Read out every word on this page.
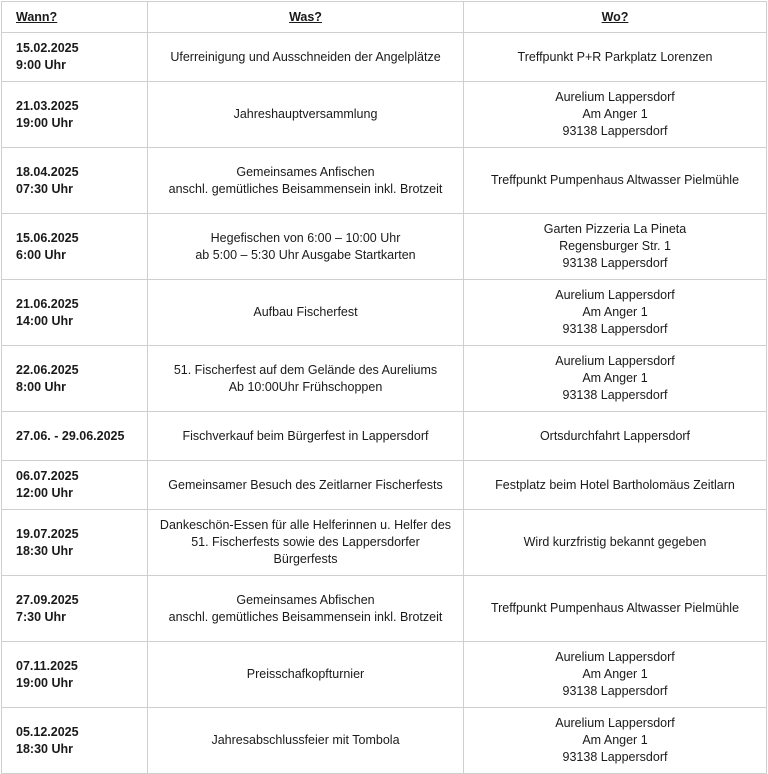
Wann?	Was?	Wo?

15.02.2025
9:00 Uhr	Uferreinigung und Ausschneiden der Angelplätze	Treffpunkt P+R Parkplatz Lorenzen

21.03.2025
19:00 Uhr	Jahreshauptversammlung	Aurelium Lappersdorf
Am Anger 1
93138 Lappersdorf

18.04.2025
07:30 Uhr	Gemeinsames Anfischen
anschl. gemütliches Beisammensein inkl. Brotzeit	Treffpunkt Pumpenhaus Altwasser Pielmühle

15.06.2025
6:00 Uhr	Hegefischen von 6:00 – 10:00 Uhr
ab 5:00 – 5:30 Uhr Ausgabe Startkarten	Garten Pizzeria La Pineta
Regensburger Str. 1
93138 Lappersdorf

21.06.2025
14:00 Uhr	Aufbau Fischerfest	Aurelium Lappersdorf
Am Anger 1
93138 Lappersdorf

22.06.2025
8:00 Uhr	51. Fischerfest auf dem Gelände des Aureliums
Ab 10:00Uhr Frühschoppen	Aurelium Lappersdorf
Am Anger 1
93138 Lappersdorf

27.06. - 29.06.2025	Fischverkauf beim Bürgerfest in Lappersdorf	Ortsdurchfahrt Lappersdorf

06.07.2025
12:00 Uhr	Gemeinsamer Besuch des Zeitlarner Fischerfests	Festplatz beim Hotel Bartholomäus Zeitlarn

19.07.2025
18:30 Uhr	Dankeschön-Essen für alle Helferinnen u. Helfer des
51. Fischerfests sowie des Lappersdorfer
Bürgerfests	Wird kurzfristig bekannt gegeben

27.09.2025
7:30 Uhr	Gemeinsames Abfischen
anschl. gemütliches Beisammensein inkl. Brotzeit	Treffpunkt Pumpenhaus Altwasser Pielmühle

07.11.2025
19:00 Uhr	Preisschafkopfturnier	Aurelium Lappersdorf
Am Anger 1
93138 Lappersdorf

05.12.2025
18:30 Uhr	Jahresabschlussfeier mit Tombola	Aurelium Lappersdorf
Am Anger 1
93138 Lappersdorf
